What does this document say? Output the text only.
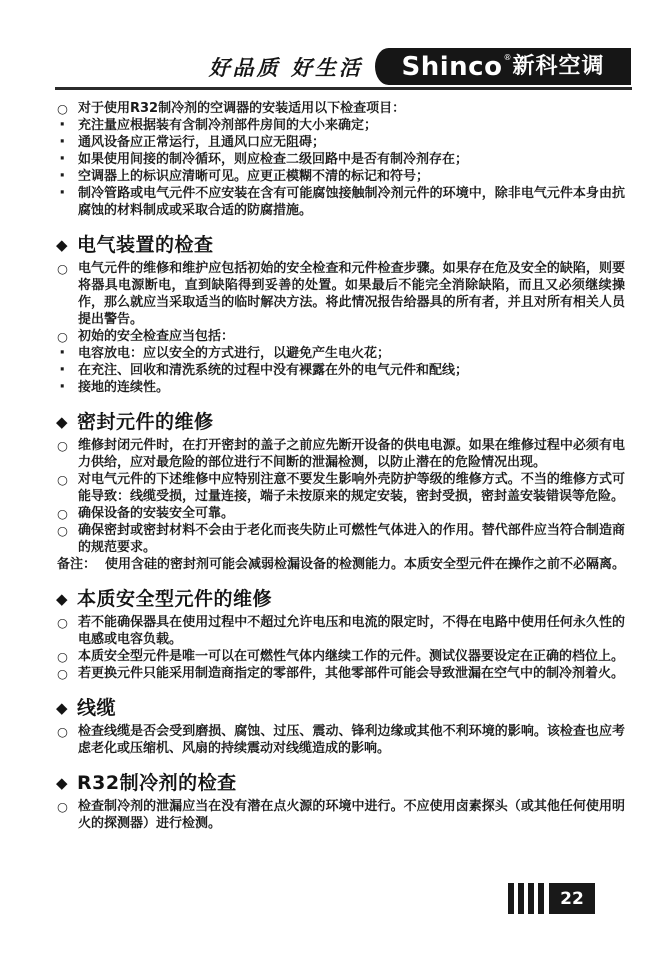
好品质 好生活 Shinco ® 新科空调
○ 对于使用R32制冷剂的空调器的安装适用以下检查项目：
· 充注量应根据装有含制冷剂部件房间的大小来确定；
· 通风设备应正常运行，且通风口应无阻碍；
· 如果使用间接的制冷循环，则应检查二级回路中是否有制冷剂存在；
· 空调器上的标识应清晰可见。应更正模糊不清的标记和符号；
· 制冷管路或电气元件不应安装在含有可能腐蚀接触制冷剂元件的环境中，除非电气元件本身由抗腐蚀的材料制成或采取合适的防腐措施。
◆ 电气装置的检查
○ 电气元件的维修和维护应包括初始的安全检查和元件检查步骤。如果存在危及安全的缺陷，则要将器具电源断电，直到缺陷得到妥善的处置。如果最后不能完全消除缺陷，而且又必须继续操作，那么就应当采取适当的临时解决方法。将此情况报告给器具的所有者，并且对所有相关人员提出警告。
○ 初始的安全检查应当包括：
· 电容放电：应以安全的方式进行，以避免产生电火花；
· 在充注、回收和清洗系统的过程中没有裸露在外的电气元件和配线；
· 接地的连续性。
◆ 密封元件的维修
○ 维修封闭元件时，在打开密封的盖子之前应先断开设备的供电电源。如果在维修过程中必须有电力供给，应对最危险的部位进行不间断的泄漏检测，以防止潜在的危险情况出现。
○ 对电气元件的下述维修中应特别注意不要发生影响外壳防护等级的维修方式。不当的维修方式可能导致：线缆受损，过量连接，端子未按原来的规定安装，密封受损，密封盖安装错误等危险。
○ 确保设备的安装安全可靠。
○ 确保密封或密封材料不会由于老化而丧失防止可燃性气体进入的作用。替代部件应当符合制造商的规范要求。
备注： 使用含硅的密封剂可能会减弱检漏设备的检测能力。本质安全型元件在操作之前不必隔离。
◆ 本质安全型元件的维修
○ 若不能确保器具在使用过程中不超过允许电压和电流的限定时，不得在电路中使用任何永久性的电感或电容负载。
○ 本质安全型元件是唯一可以在可燃性气体内继续工作的元件。测试仪器要设定在正确的档位上。
○ 若更换元件只能采用制造商指定的零部件，其他零部件可能会导致泄漏在空气中的制冷剂着火。
◆ 线缆
○ 检查线缆是否会受到磨损、腐蚀、过压、震动、锋利边缘或其他不利环境的影响。该检查也应考虑老化或压缩机、风扇的持续震动对线缆造成的影响。
◆ R32制冷剂的检查
○ 检查制冷剂的泄漏应当在没有潜在点火源的环境中进行。不应使用卤素探头（或其他任何使用明火的探测器）进行检测。
22
